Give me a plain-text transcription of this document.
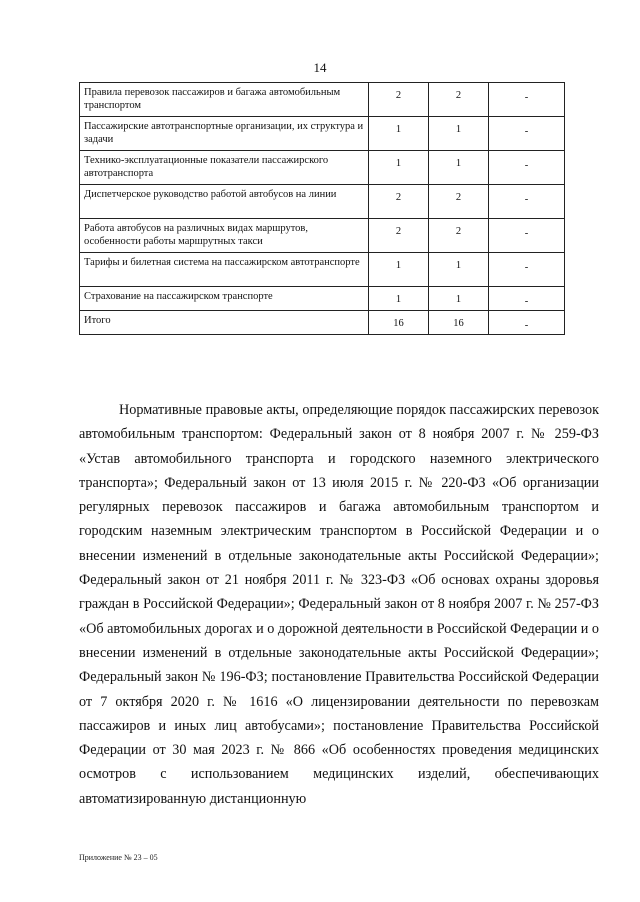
14
Правила перевозок пассажиров и багажа автомобильным транспортом	2	2	-
Пассажирские автотранспортные организации, их структура и задачи	1	1	-
Технико-эксплуатационные показатели пассажирского автотранспорта	1	1	-
Диспетчерское руководство работой автобусов на линии	2	2	-
Работа автобусов на различных видах маршрутов, особенности работы маршрутных такси	2	2	-
Тарифы и билетная система на пассажирском автотранспорте	1	1	-
Страхование на пассажирском транспорте	1	1	-
Итого	16	16	-

Нормативные правовые акты, определяющие порядок пассажирских перевозок автомобильным транспортом: Федеральный закон от 8 ноября 2007 г. № 259-ФЗ «Устав автомобильного транспорта и городского наземного электрического транспорта»; Федеральный закон от 13 июля 2015 г. № 220-ФЗ «Об организации регулярных перевозок пассажиров и багажа автомобильным транспортом и городским наземным электрическим транспортом в Российской Федерации и о внесении изменений в отдельные законодательные акты Российской Федерации»; Федеральный закон от 21 ноября 2011 г. № 323-ФЗ «Об основах охраны здоровья граждан в Российской Федерации»; Федеральный закон от 8 ноября 2007 г. № 257-ФЗ «Об автомобильных дорогах и о дорожной деятельности в Российской Федерации и о внесении изменений в отдельные законодательные акты Российской Федерации»; Федеральный закон № 196-ФЗ; постановление Правительства Российской Федерации от 7 октября 2020 г. № 1616 «О лицензировании деятельности по перевозкам пассажиров и иных лиц автобусами»; постановление Правительства Российской Федерации от 30 мая 2023 г. № 866 «Об особенностях проведения медицинских осмотров с использованием медицинских изделий, обеспечивающих автоматизированную дистанционную

Приложение № 23 – 05
